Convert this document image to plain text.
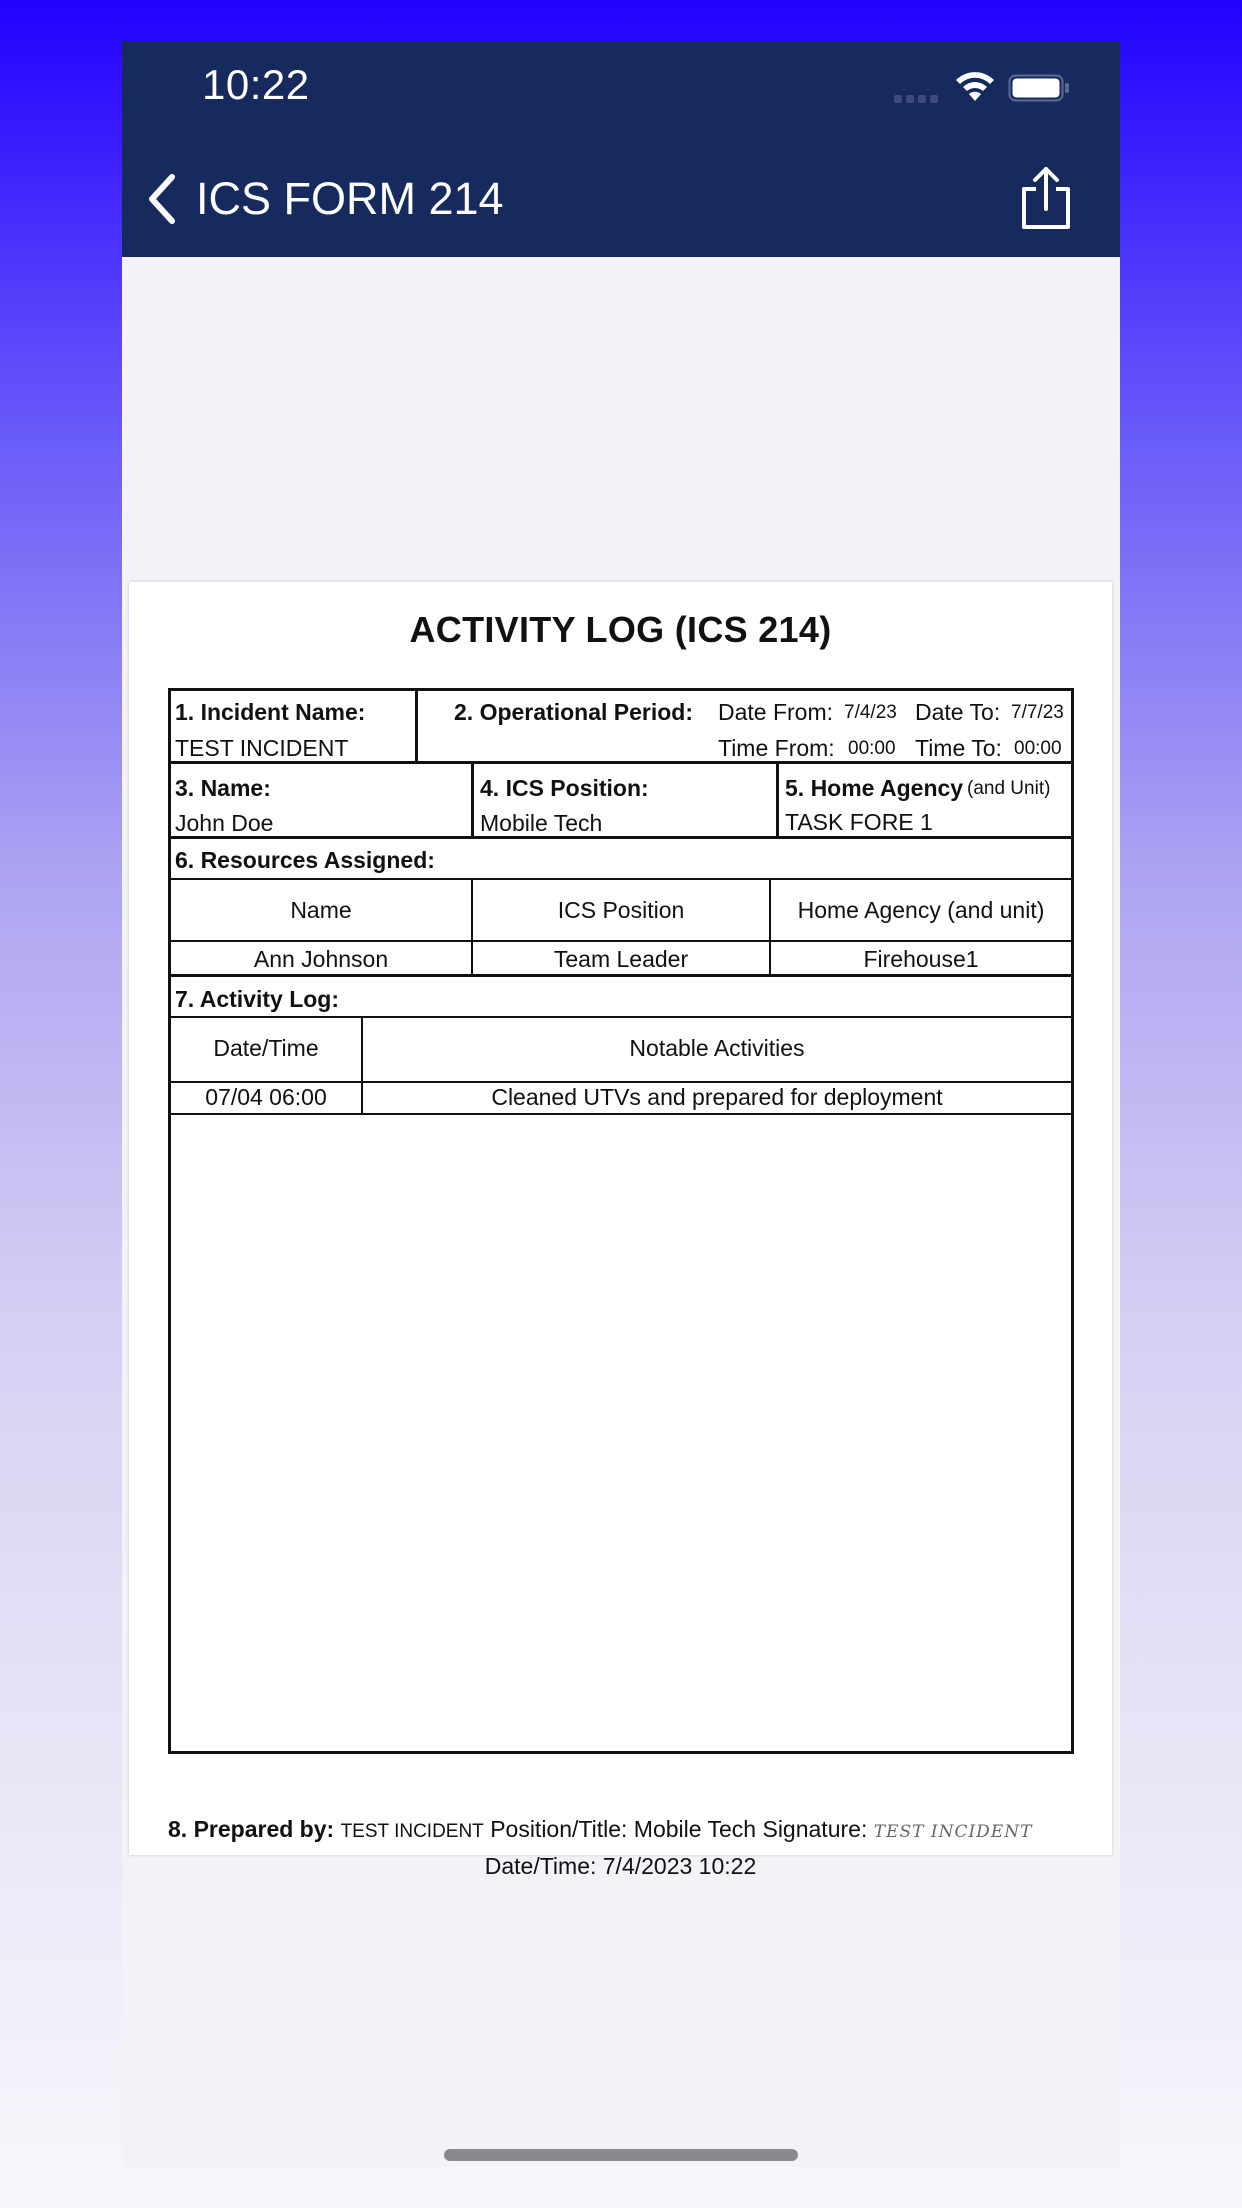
10:22
ICS FORM 214
ACTIVITY LOG (ICS 214)
1. Incident Name:
TEST INCIDENT
2. Operational Period: Date From: 7/4/23 Date To: 7/7/23
Time From: 00:00 Time To: 00:00
3. Name:
John Doe
4. ICS Position:
Mobile Tech
5. Home Agency (and Unit)
TASK FORE 1
6. Resources Assigned:
Name	ICS Position	Home Agency (and unit)
Ann Johnson	Team Leader	Firehouse1
7. Activity Log:
Date/Time	Notable Activities
07/04 06:00	Cleaned UTVs and prepared for deployment
8. Prepared by: TEST INCIDENT Position/Title: Mobile Tech Signature: TEST INCIDENT
Date/Time: 7/4/2023 10:22
